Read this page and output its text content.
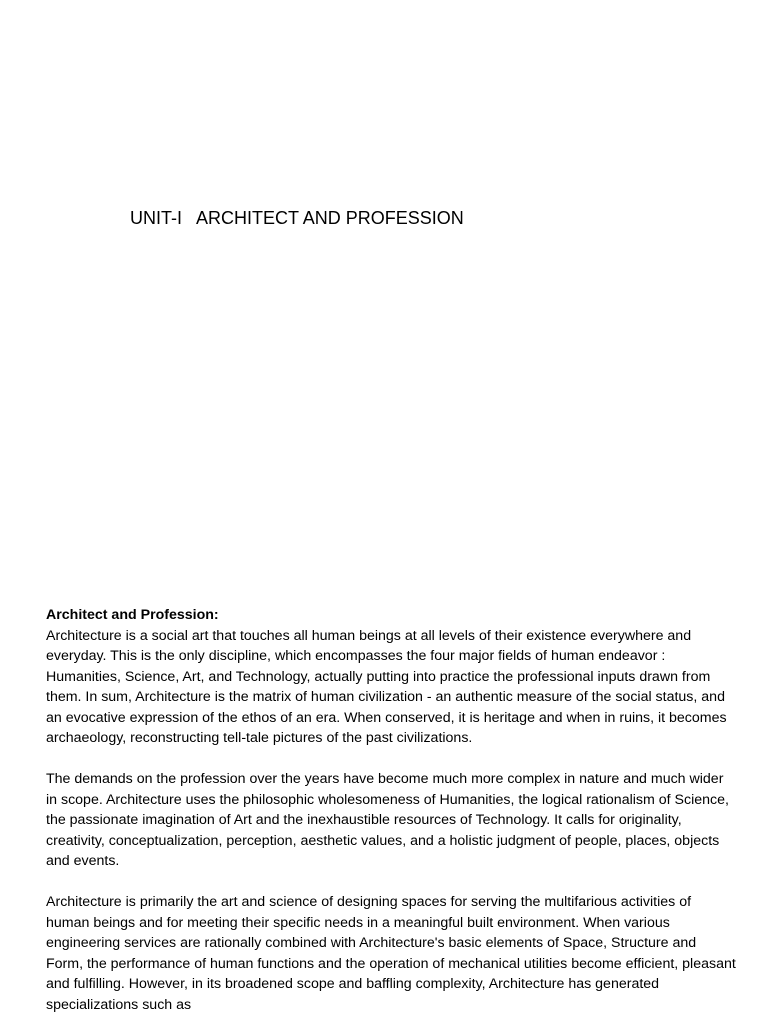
UNIT-I   ARCHITECT AND PROFESSION

Architect and Profession:

Architecture is a social art that touches all human beings at all levels of their existence everywhere and everyday. This is the only discipline, which encompasses the four major fields of human endeavor : Humanities, Science, Art, and Technology, actually putting into practice the professional inputs drawn from them. In sum, Architecture is the matrix of human civilization - an authentic measure of the social status, and an evocative expression of the ethos of an era. When conserved, it is heritage and when in ruins, it becomes archaeology, reconstructing tell-tale pictures of the past civilizations.

The demands on the profession over the years have become much more complex in nature and much wider in scope. Architecture uses the philosophic wholesomeness of Humanities, the logical rationalism of Science, the passionate imagination of Art and the inexhaustible resources of Technology. It calls for originality, creativity, conceptualization, perception, aesthetic values, and a holistic judgment of people, places, objects and events.

Architecture is primarily the art and science of designing spaces for serving the multifarious activities of human beings and for meeting their specific needs in a meaningful built environment. When various engineering services are rationally combined with Architecture's basic elements of Space, Structure and Form, the performance of human functions and the operation of mechanical utilities become efficient, pleasant and fulfilling. However, in its broadened scope and baffling complexity, Architecture has generated specializations such as
